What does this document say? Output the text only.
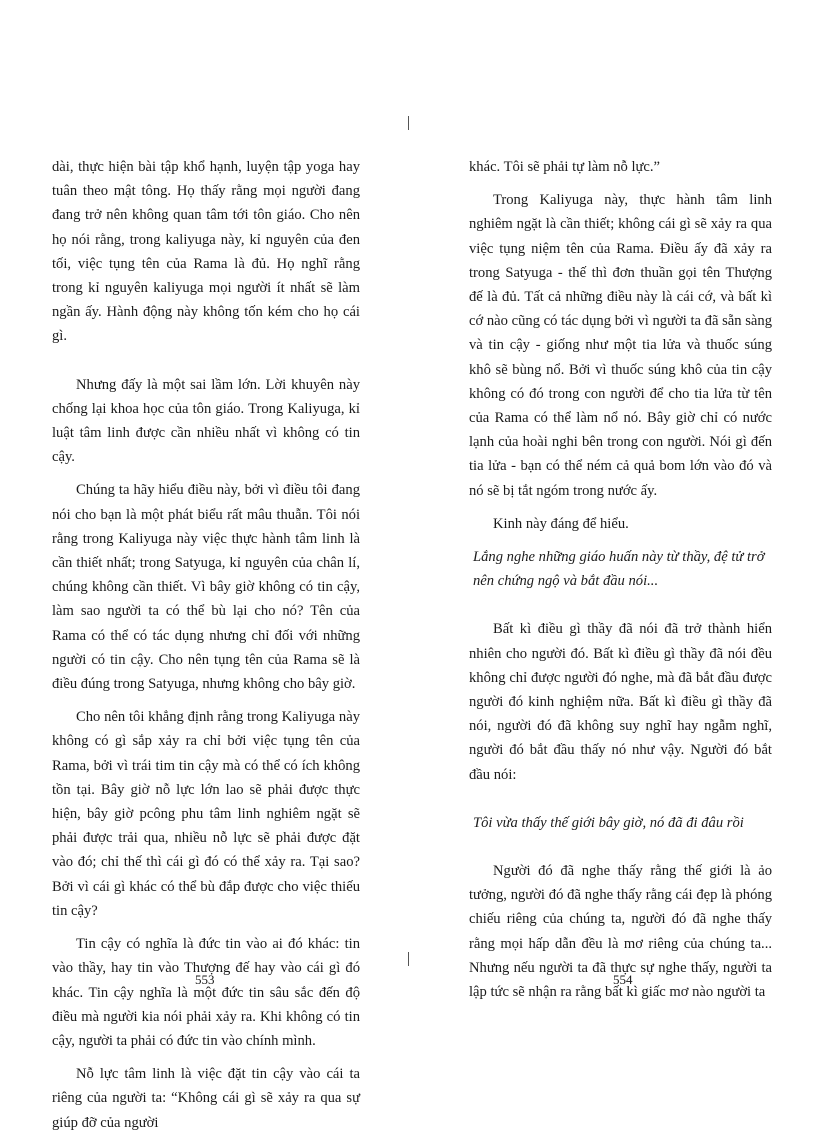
dài, thực hiện bài tập khổ hạnh, luyện tập yoga hay tuân theo mật tông. Họ thấy rằng mọi người đang đang trở nên không quan tâm tới tôn giáo. Cho nên họ nói rằng, trong kaliyuga này, kỉ nguyên của đen tối, việc tụng tên của Rama là đủ. Họ nghĩ rằng trong kỉ nguyên kaliyuga mọi người ít nhất sẽ làm ngần ấy. Hành động này không tốn kém cho họ cái gì.

Nhưng đấy là một sai lầm lớn. Lời khuyên này chống lại khoa học của tôn giáo. Trong Kaliyuga, kỉ luật tâm linh được cần nhiều nhất vì không có tin cậy.

Chúng ta hãy hiểu điều này, bởi vì điều tôi đang nói cho bạn là một phát biểu rất mâu thuẫn. Tôi nói rằng trong Kaliyuga này việc thực hành tâm linh là cần thiết nhất; trong Satyuga, kỉ nguyên của chân lí, chúng không cần thiết. Vì bây giờ không có tin cậy, làm sao người ta có thể bù lại cho nó? Tên của Rama có thể có tác dụng nhưng chỉ đối với những người có tin cậy. Cho nên tụng tên của Rama sẽ là điều đúng trong Satyuga, nhưng không cho bây giờ.

Cho nên tôi khẳng định rằng trong Kaliyuga này không có gì sắp xảy ra chỉ bởi việc tụng tên của Rama, bởi vì trái tim tin cậy mà có thể có ích không tồn tại. Bây giờ nỗ lực lớn lao sẽ phải được thực hiện, bây giờ pcông phu tâm linh nghiêm ngặt sẽ phải được trải qua, nhiều nỗ lực sẽ phải được đặt vào đó; chỉ thế thì cái gì đó có thể xảy ra. Tại sao? Bởi vì cái gì khác có thể bù đắp được cho việc thiếu tin cậy?

Tin cậy có nghĩa là đức tin vào ai đó khác: tin vào thầy, hay tin vào Thượng đế hay vào cái gì đó khác. Tin cậy nghĩa là một đức tin sâu sắc đến độ điều mà người kia nói phải xảy ra. Khi không có tin cậy, người ta phải có đức tin vào chính mình.

Nỗ lực tâm linh là việc đặt tin cậy vào cái ta riêng của người ta: “Không cái gì sẽ xảy ra qua sự giúp đỡ của người

khác. Tôi sẽ phải tự làm nỗ lực.”

Trong Kaliyuga này, thực hành tâm linh nghiêm ngặt là cần thiết; không cái gì sẽ xảy ra qua việc tụng niệm tên của Rama. Điều ấy đã xảy ra trong Satyuga - thế thì đơn thuần gọi tên Thượng đế là đủ. Tất cả những điều này là cái cớ, và bất kì cớ nào cũng có tác dụng bởi vì người ta đã sẵn sàng và tin cậy - giống như một tia lửa và thuốc súng khô sẽ bùng nổ. Bởi vì thuốc súng khô của tin cậy không có đó trong con người để cho tia lửa từ tên của Rama có thể làm nổ nó. Bây giờ chỉ có nước lạnh của hoài nghi bên trong con người. Nói gì đến tia lửa - bạn có thể ném cả quả bom lớn vào đó và nó sẽ bị tắt ngóm trong nước ấy.

Kinh này đáng để hiểu.

Lắng nghe những giáo huấn này từ thầy, đệ tử trở nên chứng ngộ và bắt đầu nói...

Bất kì điều gì thầy đã nói đã trở thành hiển nhiên cho người đó. Bất kì điều gì thầy đã nói đều không chỉ được người đó nghe, mà đã bắt đầu được người đó kinh nghiệm nữa. Bất kì điều gì thầy đã nói, người đó đã không suy nghĩ hay ngẫm nghĩ, người đó bắt đầu thấy nó như vậy. Người đó bắt đầu nói:

Tôi vừa thấy thế giới bây giờ, nó đã đi đâu rồi

Người đó đã nghe thấy rằng thế giới là ảo tưởng, người đó đã nghe thấy rằng cái đẹp là phóng chiếu riêng của chúng ta, người đó đã nghe thấy rằng mọi hấp dẫn đều là mơ riêng của chúng ta... Nhưng nếu người ta đã thực sự nghe thấy, người ta lập tức sẽ nhận ra rằng bất kì giấc mơ nào người ta

553	554
